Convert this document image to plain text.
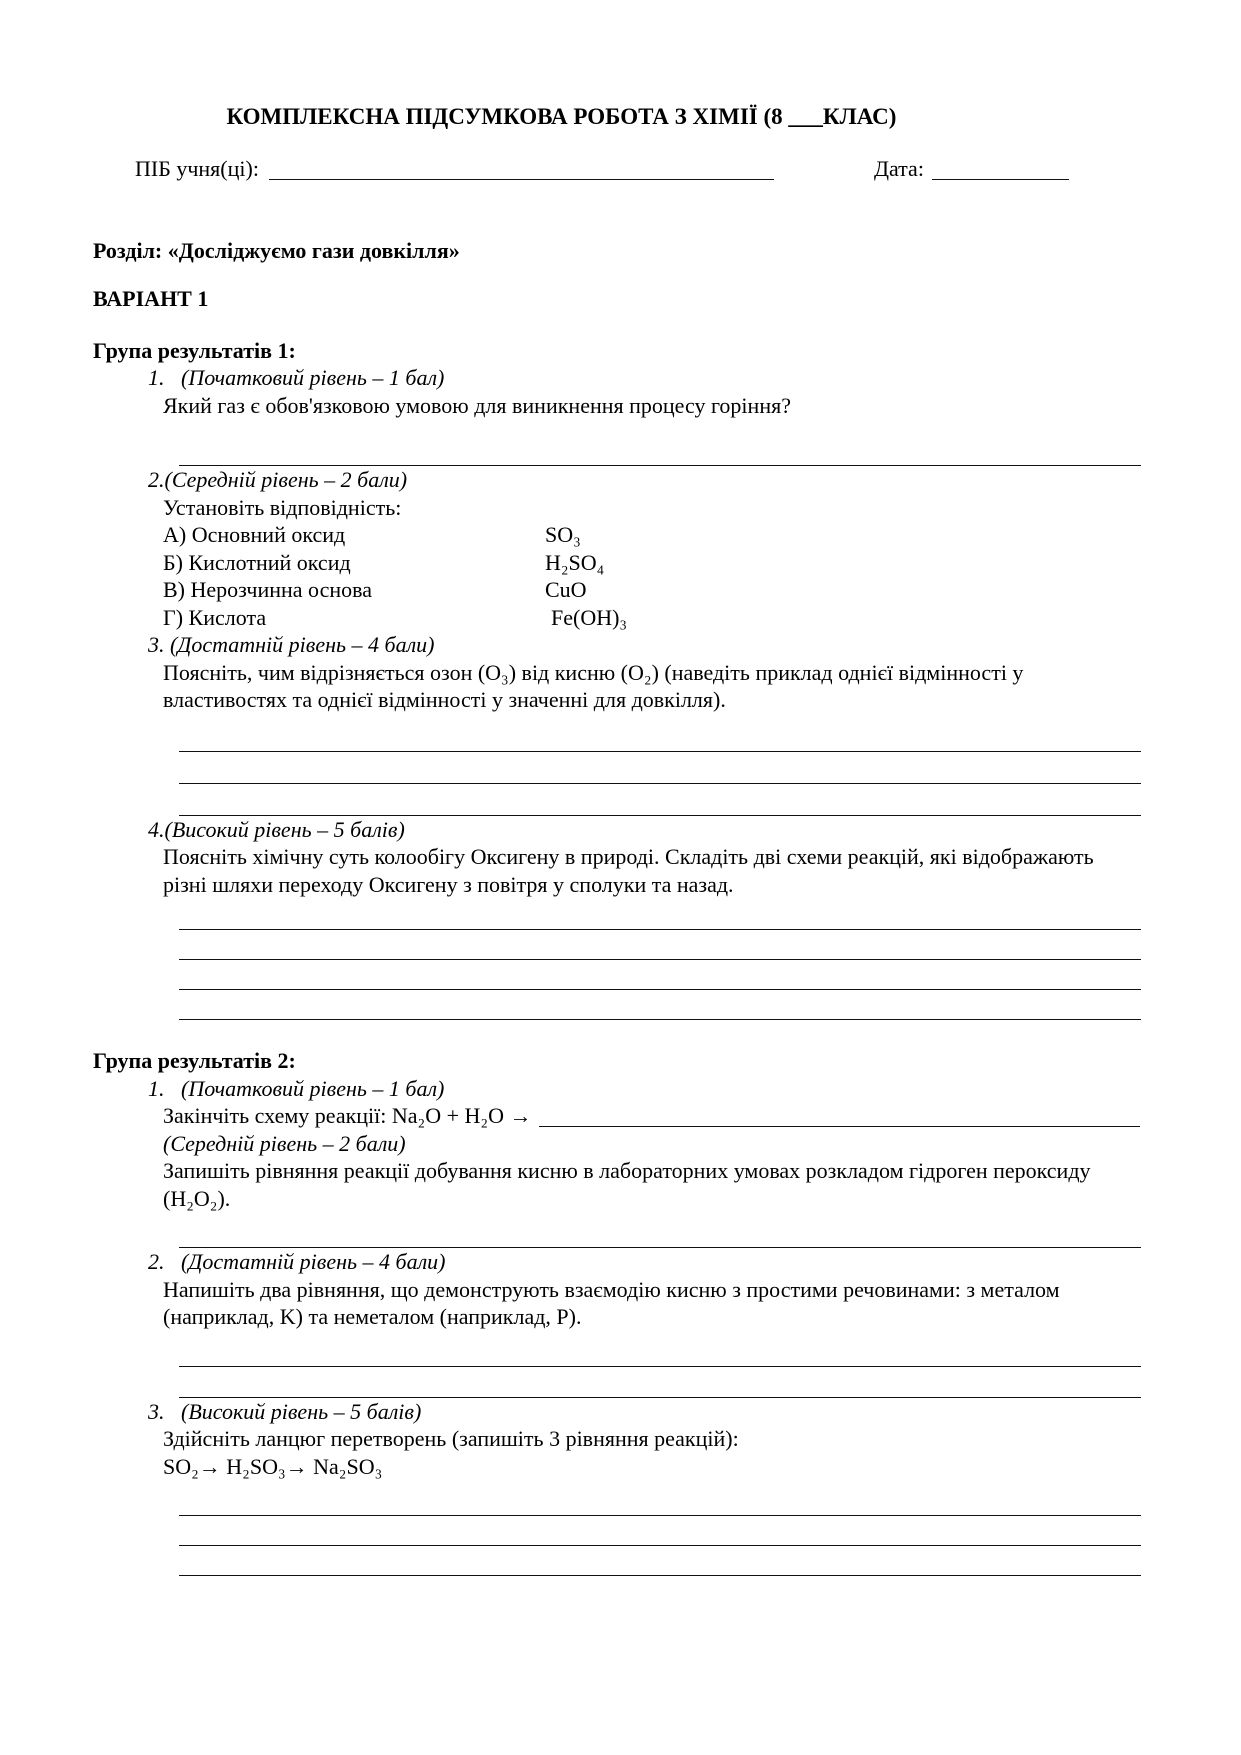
КОМПЛЕКСНА ПІДСУМКОВА РОБОТА З ХІМІЇ (8 ___КЛАС)
ПІБ учня(ці):	Дата:
Розділ: «Досліджуємо гази довкілля»
ВАРІАНТ 1
Група результатів 1:
1.   (Початковий рівень – 1 бал)
Який газ є обов'язковою умовою для виникнення процесу горіння?
2.(Середній рівень – 2 бали)
Установіть відповідність:
А) Основний оксид	SO₃
Б) Кислотний оксид	H₂SO₄
В) Нерозчинна основа	CuO
Г) Кислота	Fe(OH)₃
3. (Достатній рівень – 4 бали)
Поясніть, чим відрізняється озон (O₃) від кисню (O₂) (наведіть приклад однієї відмінності у властивостях та однієї відмінності у значенні для довкілля).
4.(Високий рівень – 5 балів)
Поясніть хімічну суть колообігу Оксигену в природі. Складіть дві схеми реакцій, які відображають різні шляхи переходу Оксигену з повітря у сполуки та назад.
Група результатів 2:
1.   (Початковий рівень – 1 бал)
Закінчіть схему реакції: Na₂O + H₂O →
(Середній рівень – 2 бали)
Запишіть рівняння реакції добування кисню в лабораторних умовах розкладом гідроген пероксиду (H₂O₂).
2.   (Достатній рівень – 4 бали)
Напишіть два рівняння, що демонструють взаємодію кисню з простими речовинами: з металом (наприклад, K) та неметалом (наприклад, P).
3.   (Високий рівень – 5 балів)
Здійсніть ланцюг перетворень (запишіть 3 рівняння реакцій):
SO₂→ H₂SO₃→ Na₂SO₃
